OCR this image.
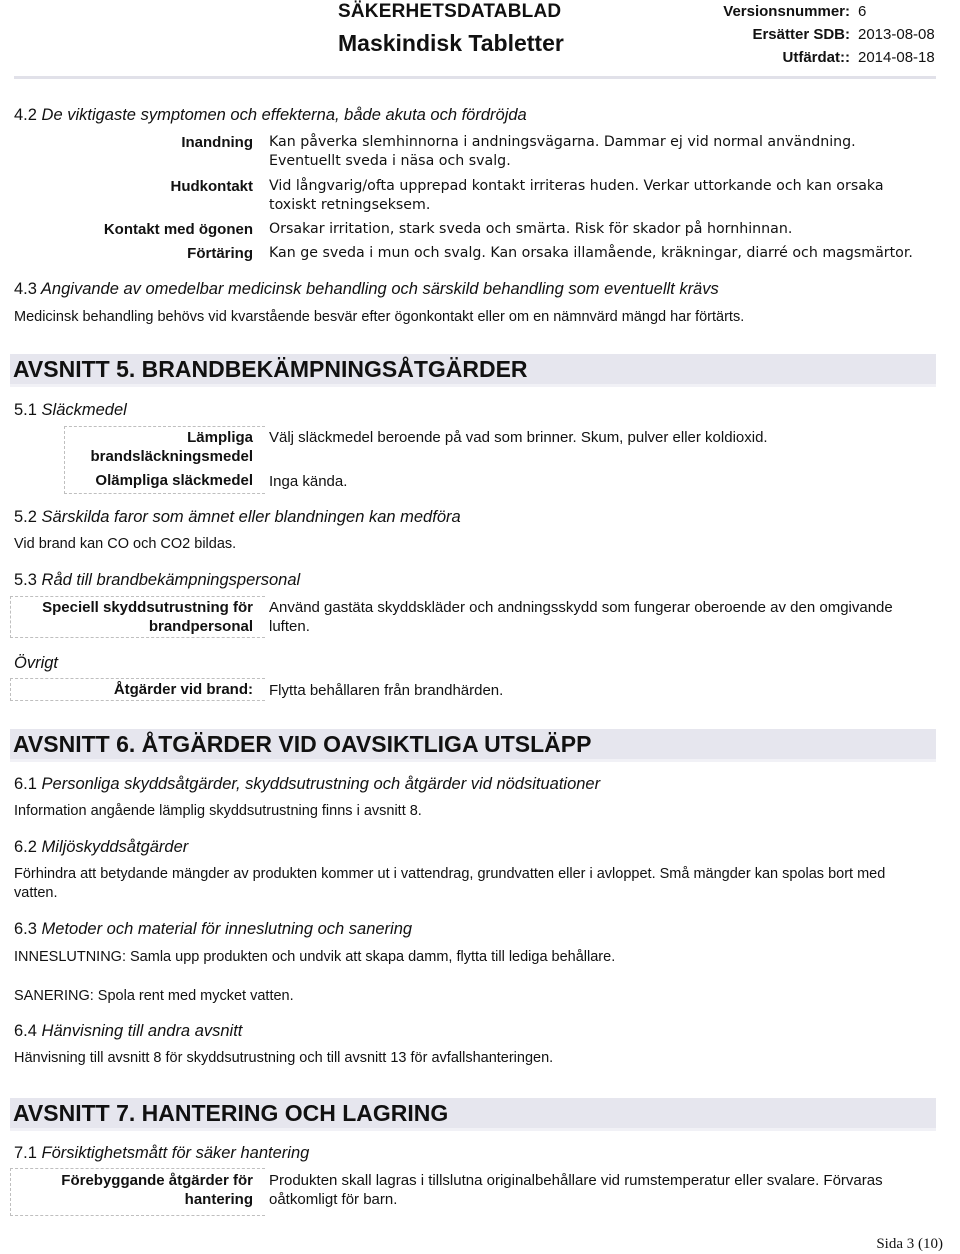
SÄKERHETSDATABLAD
Maskindisk Tabletter
Versionsnummer: 6
Ersätter SDB: 2013-08-08
Utfärdat:: 2014-08-18
4.2 De viktigaste symptomen och effekterna, både akuta och fördröjda
Inandning Kan påverka slemhinnorna i andningsvägarna. Dammar ej vid normal användning. Eventuellt sveda i näsa och svalg.
Hudkontakt Vid långvarig/ofta upprepad kontakt irriteras huden. Verkar uttorkande och kan orsaka toxiskt retningseksem.
Kontakt med ögonen Orsakar irritation, stark sveda och smärta. Risk för skador på hornhinnan.
Förtäring Kan ge sveda i mun och svalg. Kan orsaka illamående, kräkningar, diarré och magsmärtor.
4.3 Angivande av omedelbar medicinsk behandling och särskild behandling som eventuellt krävs
Medicinsk behandling behövs vid kvarstående besvär efter ögonkontakt eller om en nämnvärd mängd har förtärts.
AVSNITT 5. BRANDBEKÄMPNINGSÅTGÄRDER
5.1 Släckmedel
Lämpliga
brandsläckningsmedel
Välj släckmedel beroende på vad som brinner. Skum, pulver eller koldioxid.
Olämpliga släckmedel Inga kända.
5.2 Särskilda faror som ämnet eller blandningen kan medföra
Vid brand kan CO och CO2 bildas.
5.3 Råd till brandbekämpningspersonal
Speciell skyddsutrustning för
brandpersonal
Använd gastäta skyddskläder och andningsskydd som fungerar oberoende av den omgivande luften.
Övrigt
Åtgärder vid brand: Flytta behållaren från brandhärden.
AVSNITT 6. ÅTGÄRDER VID OAVSIKTLIGA UTSLÄPP
6.1 Personliga skyddsåtgärder, skyddsutrustning och åtgärder vid nödsituationer
Information angående lämplig skyddsutrustning finns i avsnitt 8.
6.2 Miljöskyddsåtgärder
Förhindra att betydande mängder av produkten kommer ut i vattendrag, grundvatten eller i avloppet. Små mängder kan spolas bort med vatten.
6.3 Metoder och material för inneslutning och sanering
INNESLUTNING: Samla upp produkten och undvik att skapa damm, flytta till lediga behållare.
SANERING: Spola rent med mycket vatten.
6.4 Hänvisning till andra avsnitt
Hänvisning till avsnitt 8 för skyddsutrustning och till avsnitt 13 för avfallshanteringen.
AVSNITT 7. HANTERING OCH LAGRING
7.1 Försiktighetsmått för säker hantering
Förebyggande åtgärder för
hantering
Produkten skall lagras i tillslutna originalbehållare vid rumstemperatur eller svalare. Förvaras oåtkomligt för barn.
Sida 3 (10)
